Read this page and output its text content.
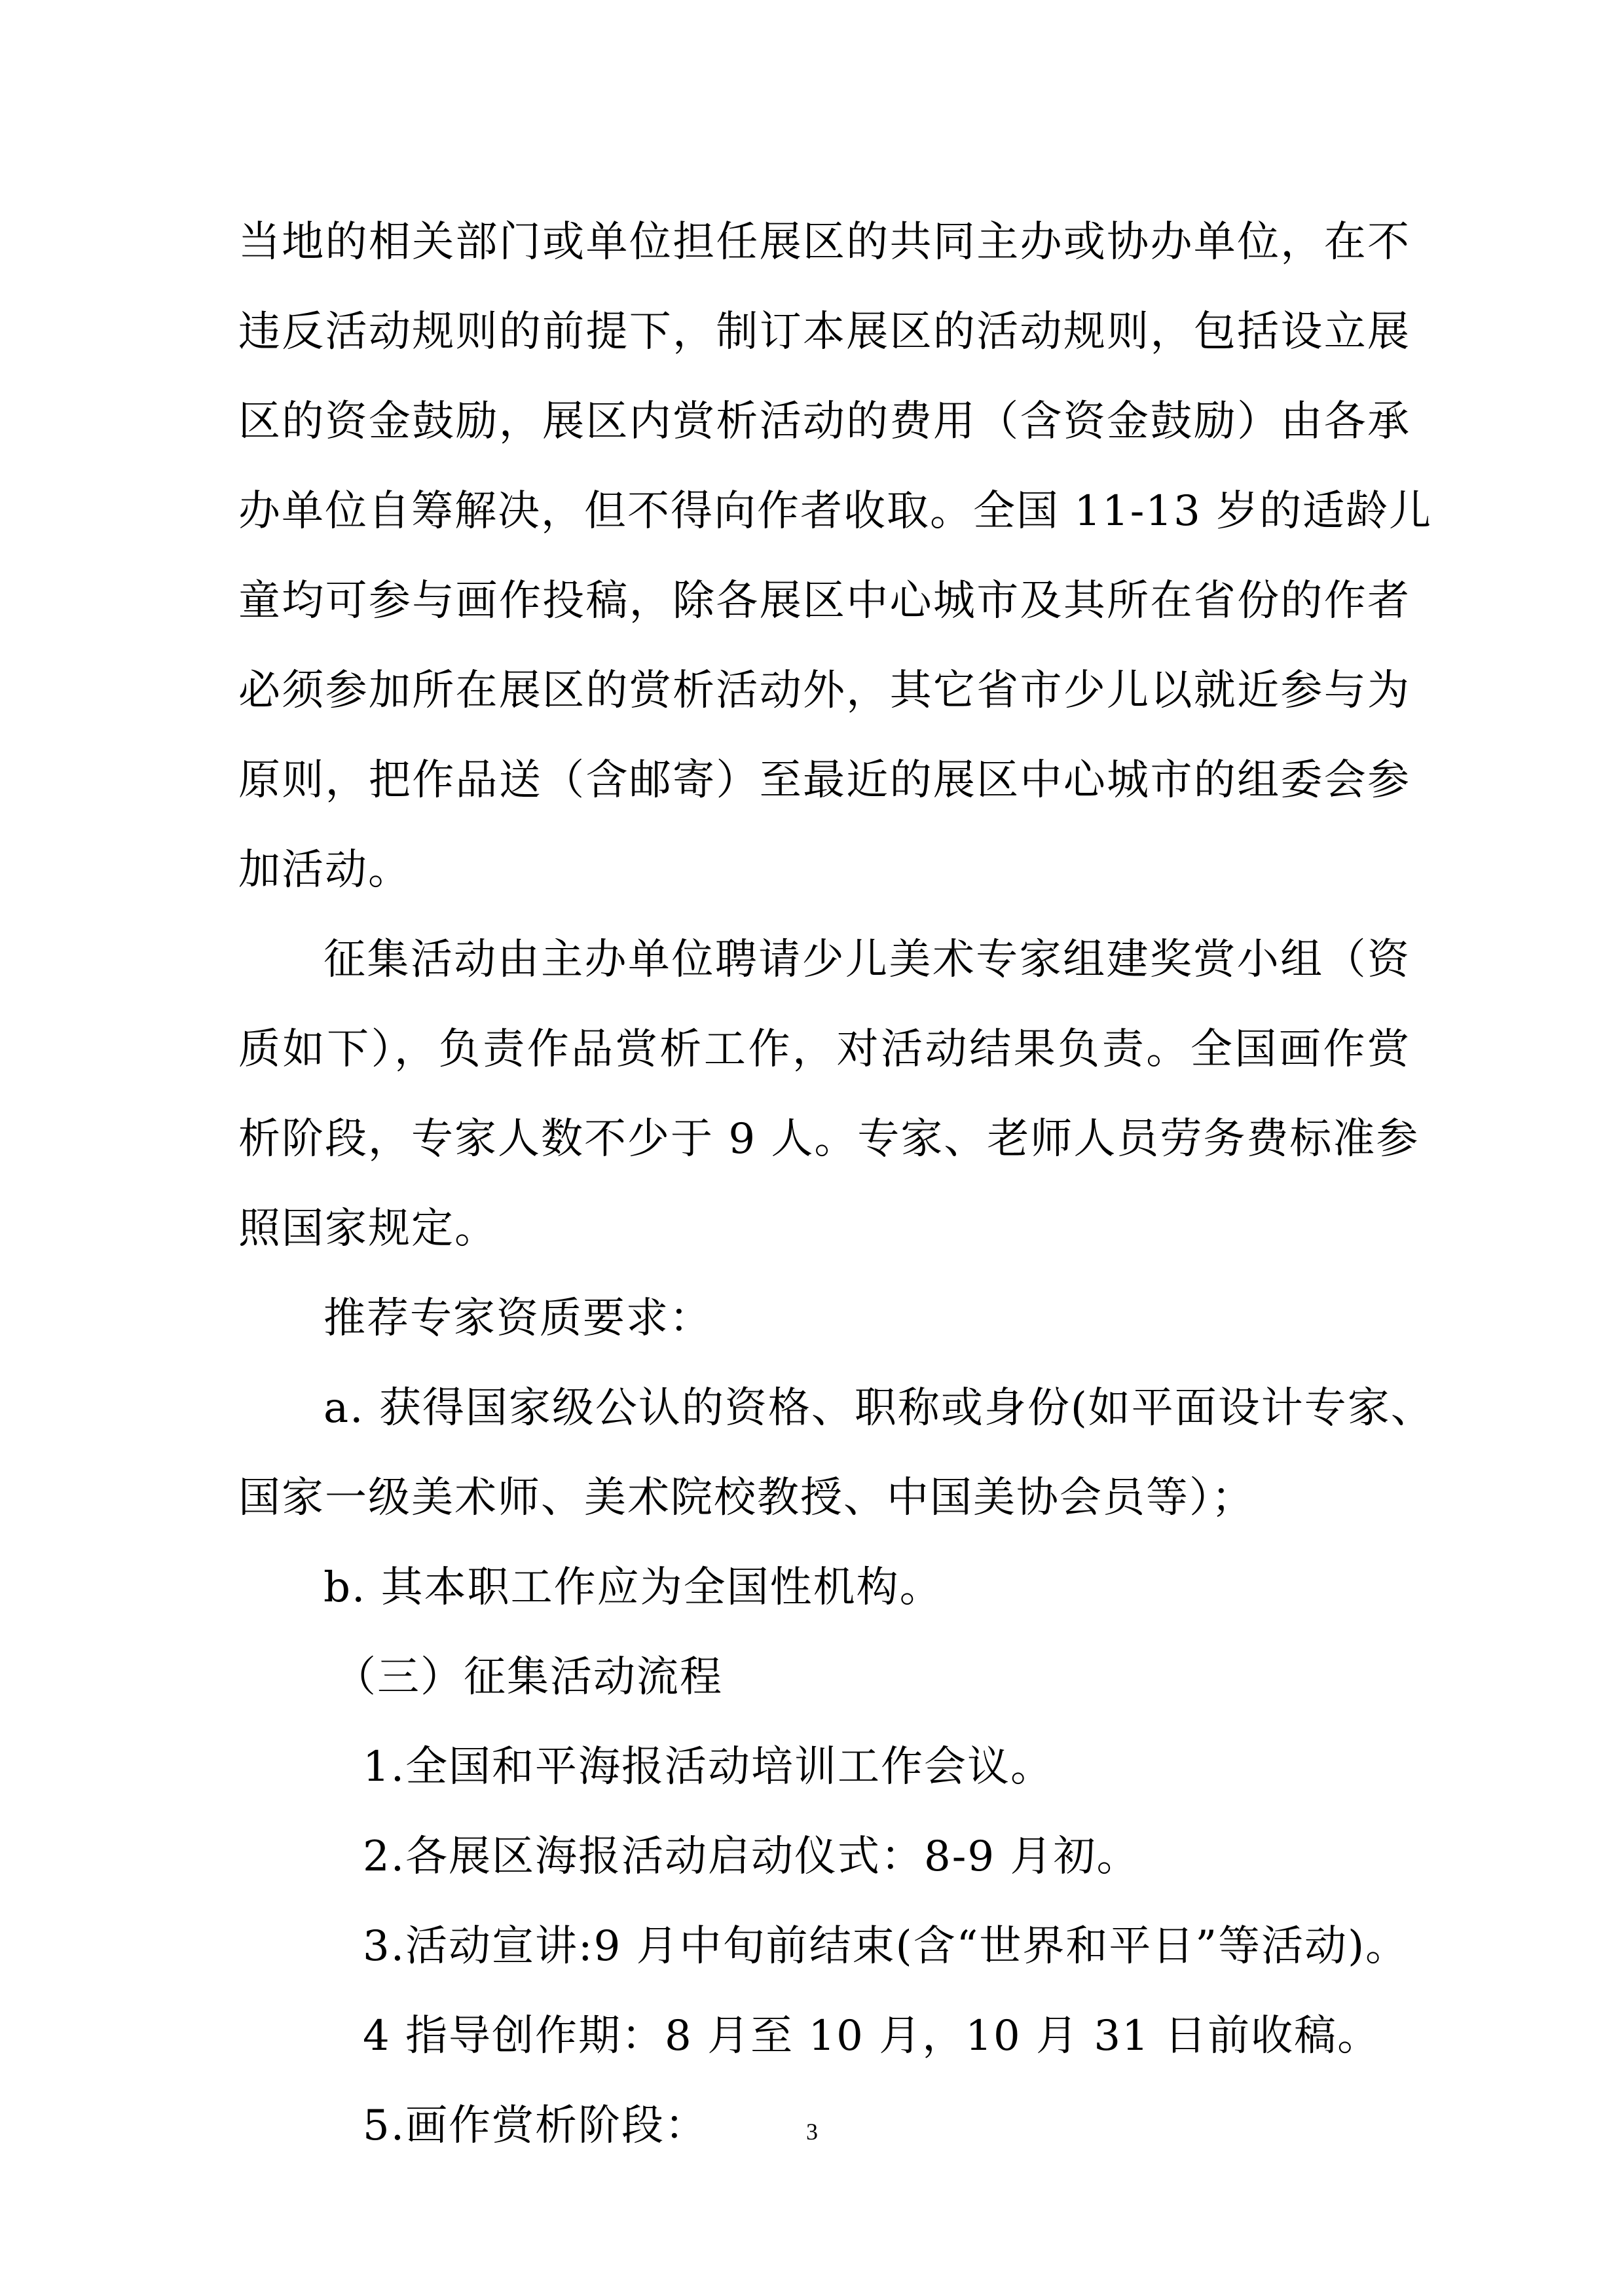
当地的相关部门或单位担任展区的共同主办或协办单位，在不
违反活动规则的前提下，制订本展区的活动规则，包括设立展
区的资金鼓励，展区内赏析活动的费用（含资金鼓励）由各承
办单位自筹解决，但不得向作者收取。全国 11-13 岁的适龄儿
童均可参与画作投稿，除各展区中心城市及其所在省份的作者
必须参加所在展区的赏析活动外，其它省市少儿以就近参与为
原则，把作品送（含邮寄）至最近的展区中心城市的组委会参
加活动。
征集活动由主办单位聘请少儿美术专家组建奖赏小组（资
质如下），负责作品赏析工作，对活动结果负责。全国画作赏
析阶段，专家人数不少于 9 人。专家、老师人员劳务费标准参
照国家规定。
推荐专家资质要求：
a. 获得国家级公认的资格、职称或身份(如平面设计专家、
国家一级美术师、美术院校教授、中国美协会员等）；
b. 其本职工作应为全国性机构。
（三）征集活动流程
1.全国和平海报活动培训工作会议。
2.各展区海报活动启动仪式：8-9 月初。
3.活动宣讲:9 月中旬前结束(含“世界和平日”等活动)。
4 指导创作期：8 月至 10 月，10 月 31 日前收稿。
5.画作赏析阶段：	3
